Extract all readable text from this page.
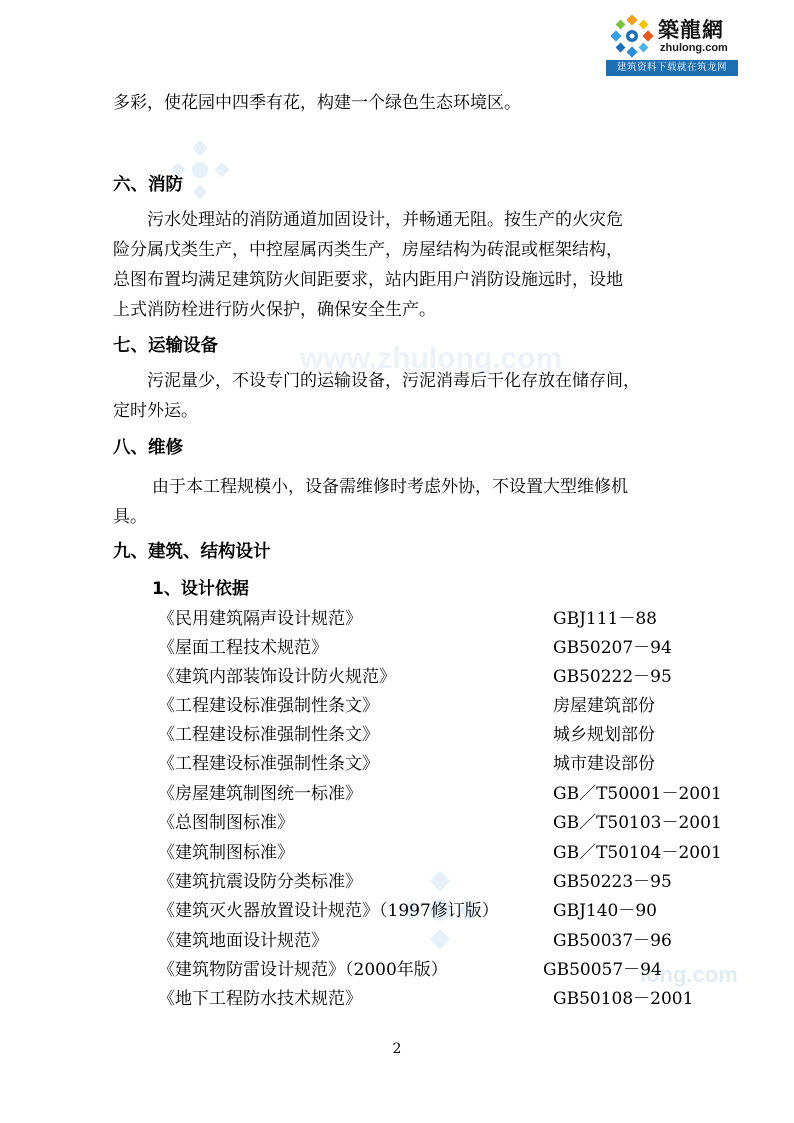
築龍網
zhulong.com
建筑资料下载就在筑龙网
www.zhulong.com
long.com
多彩，使花园中四季有花，构建一个绿色生态环境区。
六、消防
污水处理站的消防通道加固设计，并畅通无阻。按生产的火灾危
险分属戊类生产，中控屋属丙类生产，房屋结构为砖混或框架结构，
总图布置均满足建筑防火间距要求，站内距用户消防设施远时，设地
上式消防栓进行防火保护，确保安全生产。
七、运输设备
污泥量少，不设专门的运输设备，污泥消毒后干化存放在储存间，
定时外运。
八、维修
由于本工程规模小，设备需维修时考虑外协，不设置大型维修机
具。
九、建筑、结构设计
1、设计依据
《民用建筑隔声设计规范》	GBJ111－88
《屋面工程技术规范》	GB50207－94
《建筑内部装饰设计防火规范》	GB50222－95
《工程建设标准强制性条文》	房屋建筑部份
《工程建设标准强制性条文》	城乡规划部份
《工程建设标准强制性条文》	城市建设部份
《房屋建筑制图统一标准》	GB／T50001－2001
《总图制图标准》	GB／T50103－2001
《建筑制图标准》	GB／T50104－2001
《建筑抗震设防分类标准》	GB50223－95
《建筑灭火器放置设计规范》（1997修订版）	GBJ140－90
《建筑地面设计规范》	GB50037－96
《建筑物防雷设计规范》（2000年版）	GB50057－94
《地下工程防水技术规范》	GB50108－2001
2
